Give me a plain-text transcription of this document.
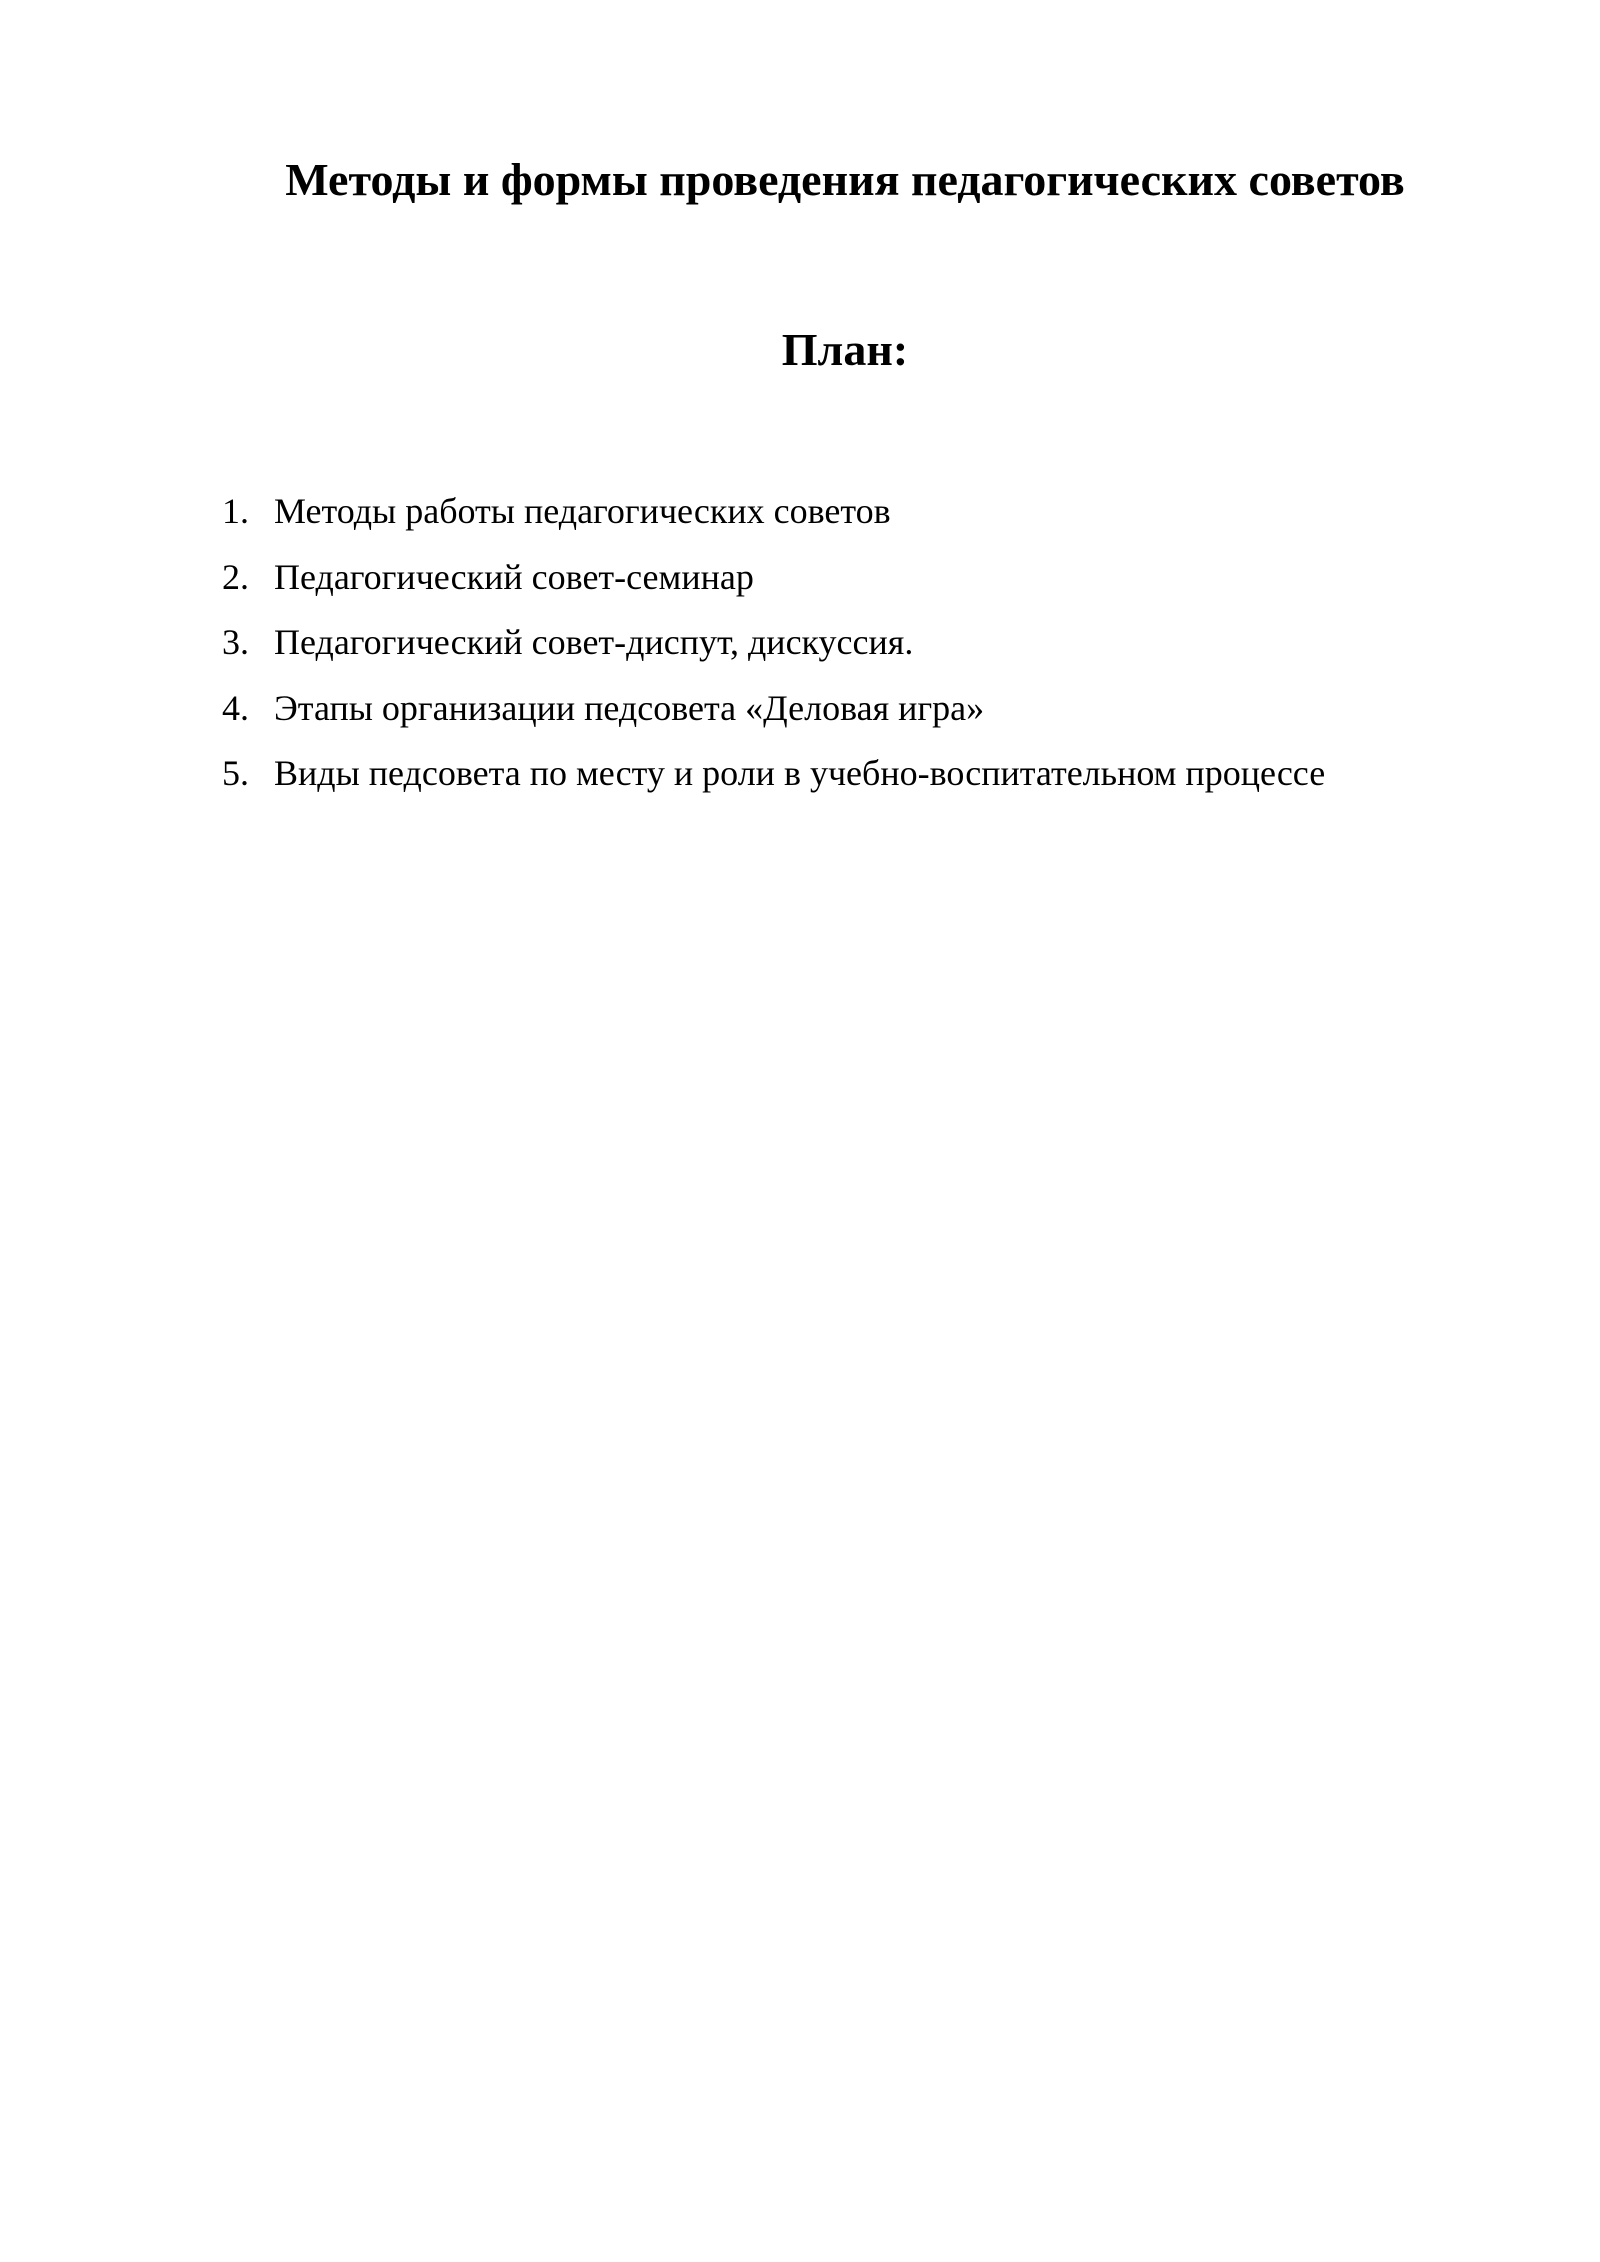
Методы и формы проведения педагогических советов
План:
1. Методы работы педагогических советов
2. Педагогический совет-семинар
3. Педагогический совет-диспут, дискуссия.
4. Этапы организации педсовета «Деловая игра»
5. Виды педсовета по месту и роли в учебно-воспитательном процессе
